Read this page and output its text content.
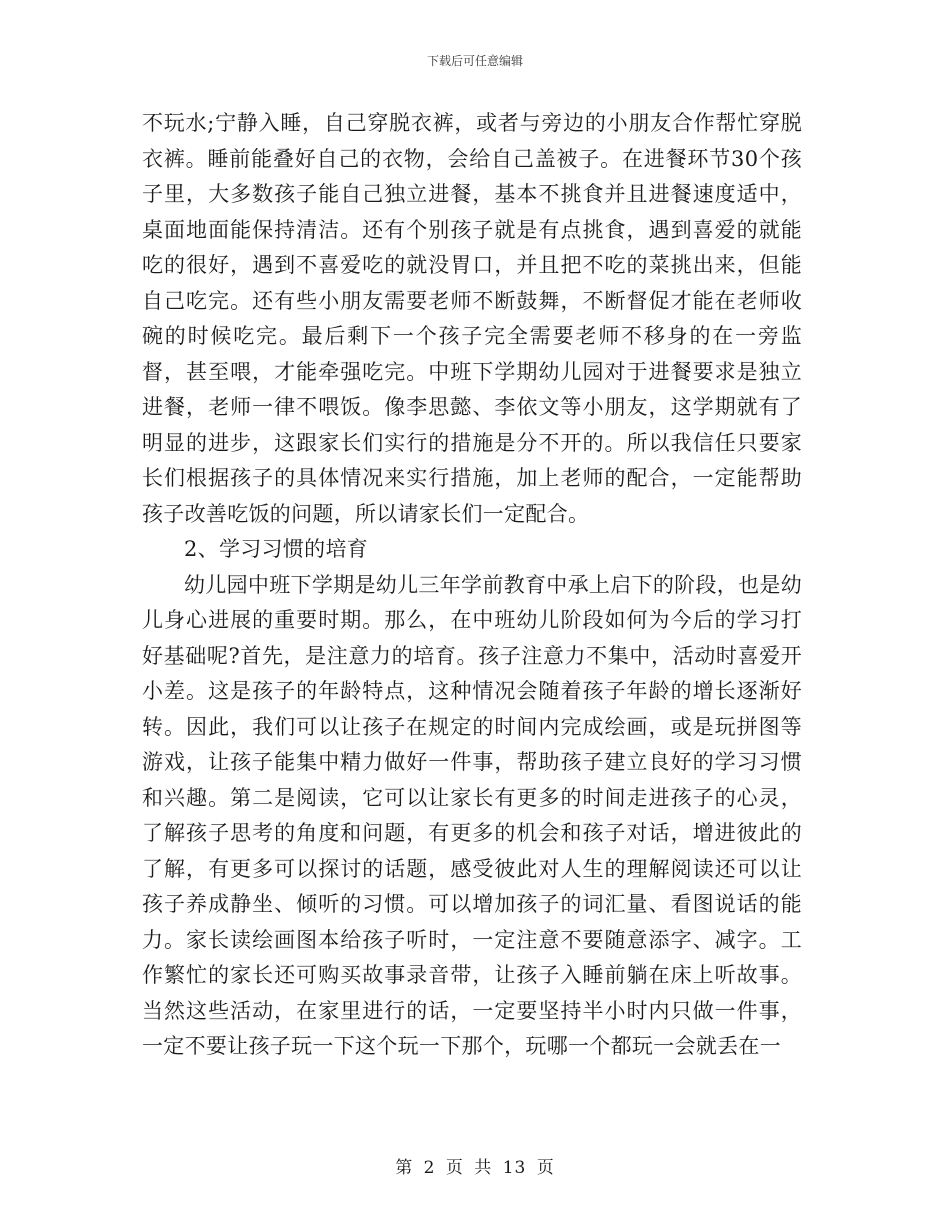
下载后可任意编辑

不玩水;宁静入睡，自己穿脱衣裤，或者与旁边的小朋友合作帮忙穿脱衣裤。睡前能叠好自己的衣物，会给自己盖被子。在进餐环节30个孩子里，大多数孩子能自己独立进餐，基本不挑食并且进餐速度适中，桌面地面能保持清洁。还有个别孩子就是有点挑食，遇到喜爱的就能吃的很好，遇到不喜爱吃的就没胃口，并且把不吃的菜挑出来，但能自己吃完。还有些小朋友需要老师不断鼓舞，不断督促才能在老师收碗的时候吃完。最后剩下一个孩子完全需要老师不移身的在一旁监督，甚至喂，才能牵强吃完。中班下学期幼儿园对于进餐要求是独立进餐，老师一律不喂饭。像李思懿、李依文等小朋友，这学期就有了明显的进步，这跟家长们实行的措施是分不开的。所以我信任只要家长们根据孩子的具体情况来实行措施，加上老师的配合，一定能帮助孩子改善吃饭的问题，所以请家长们一定配合。

2、学习习惯的培育

幼儿园中班下学期是幼儿三年学前教育中承上启下的阶段，也是幼儿身心进展的重要时期。那么，在中班幼儿阶段如何为今后的学习打好基础呢?首先，是注意力的培育。孩子注意力不集中，活动时喜爱开小差。这是孩子的年龄特点，这种情况会随着孩子年龄的增长逐渐好转。因此，我们可以让孩子在规定的时间内完成绘画，或是玩拼图等游戏，让孩子能集中精力做好一件事，帮助孩子建立良好的学习习惯和兴趣。第二是阅读，它可以让家长有更多的时间走进孩子的心灵，了解孩子思考的角度和问题，有更多的机会和孩子对话，增进彼此的了解，有更多可以探讨的话题，感受彼此对人生的理解阅读还可以让孩子养成静坐、倾听的习惯。可以增加孩子的词汇量、看图说话的能力。家长读绘画图本给孩子听时，一定注意不要随意添字、减字。工作繁忙的家长还可购买故事录音带，让孩子入睡前躺在床上听故事。当然这些活动，在家里进行的话，一定要坚持半小时内只做一件事，一定不要让孩子玩一下这个玩一下那个，玩哪一个都玩一会就丢在一

第 2 页 共 13 页
